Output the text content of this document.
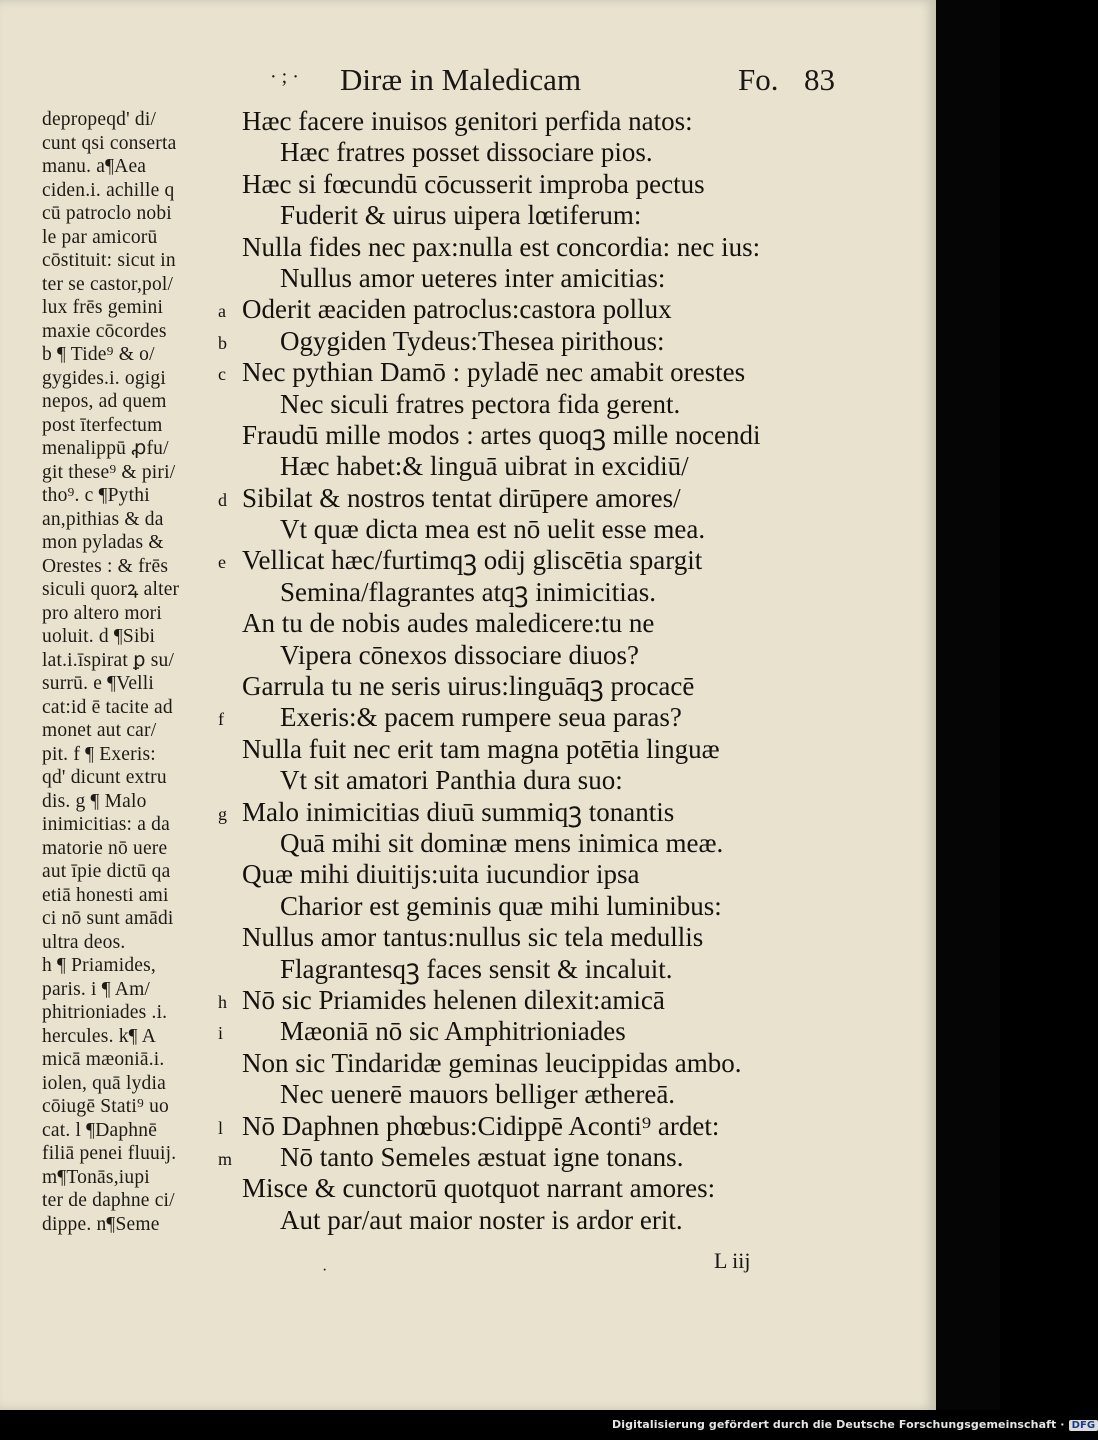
· ; · Diræ in Maledicam	Fo. 83
depropeqd' di/
cunt qsi conserta
manu. a¶Aea
ciden.i. achille q
cū patroclo nobi
le par amicorū
cōstituit: sicut in
ter se castor,pol/
lux frēs gemini
maxie cōcordes
b ¶ Tide⁹ & o/
gygides.i. ogigi
nepos, ad quem
post īterfectum
menalippū ꝓfu/
git these⁹ & piri/
tho⁹. c ¶Pythi
an,pithias & da
mon pyladas &
Orestes : & frēs
siculi quorꝝ alter
pro altero mori
uoluit. d ¶Sibi
lat.i.īspirat ꝑ su/
surrū. e ¶Velli
cat:id ē tacite ad
monet aut car/
pit. f ¶ Exeris:
qd' dicunt extru
dis. g ¶ Malo
inimicitias: a da
matorie nō uere
aut īpie dictū qa
etiā honesti ami
ci nō sunt amādi
ultra deos.
h ¶ Priamides,
paris. i ¶ Am/
phitrioniades .i.
hercules. k¶ A
micā mæoniā.i.
iolen, quā lydia
cōiugē Stati⁹ uo
cat. l ¶Daphnē
filiā penei fluuij.
m¶Tonās,iupi
ter de daphne ci/
dippe. n¶Seme
Hæc facere inuisos genitori perfida natos:
Hæc fratres posset dissociare pios.
Hæc si fœcundū cōcusserit improba pectus
Fuderit & uirus uipera lœtiferum:
Nulla fides nec pax:nulla est concordia: nec ius:
Nullus amor ueteres inter amicitias:
a Oderit æaciden patroclus:castora pollux
b Ogygiden Tydeus:Thesea pirithous:
c Nec pythian Damō : pyladē nec amabit orestes
Nec siculi fratres pectora fida gerent.
Fraudū mille modos : artes quoqꝫ mille nocendi
Hæc habet:& linguā uibrat in excidiū/
d Sibilat & nostros tentat dirūpere amores/
Vt quæ dicta mea est nō uelit esse mea.
e Vellicat hæc/furtimqꝫ odij gliscētia spargit
Semina/flagrantes atqꝫ inimicitias.
An tu de nobis audes maledicere:tu ne
Vipera cōnexos dissociare diuos?
Garrula tu ne seris uirus:linguāqꝫ procacē
f	Exeris:& pacem rumpere seua paras?
Nulla fuit nec erit tam magna potētia linguæ
Vt sit amatori Panthia dura suo:
g Malo inimicitias diuū summiqꝫ tonantis
Quā mihi sit dominæ mens inimica meæ.
Quæ mihi diuitijs:uita iucundior ipsa
Charior est geminis quæ mihi luminibus:
Nullus amor tantus:nullus sic tela medullis
Flagrantesqꝫ faces sensit & incaluit.
h Nō sic Priamides helenen dilexit:amicā
i	Mæoniā nō sic Amphitrioniades
Non sic Tindaridæ geminas leucippidas ambo.
Nec uenerē mauors belliger æthereā.
l Nō Daphnen phœbus:Cidippē Aconti⁹ ardet:
m Nō tanto Semeles æstuat igne tonans.
Misce & cunctorū quotquot narrant amores:
Aut par/aut maior noster is ardor erit.
·	L iij
Digitalisierung gefördert durch die Deutsche Forschungsgemeinschaft · DFG
